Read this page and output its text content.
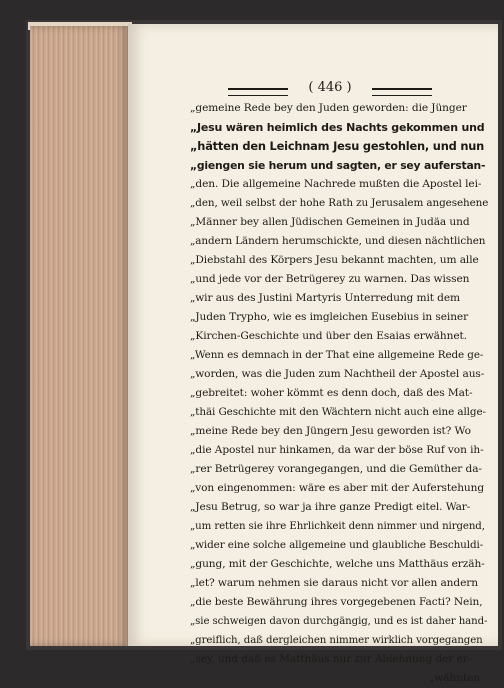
( 446 )
„gemeine Rede bey den Juden geworden: die Jünger
„Jesu wären heimlich des Nachts gekommen und
„hätten den Leichnam Jesu gestohlen, und nun
„giengen sie herum und sagten, er sey auferstan-
„den. Die allgemeine Nachrede mußten die Apostel lei-
„den, weil selbst der hohe Rath zu Jerusalem angesehene
„Männer bey allen Jüdischen Gemeinen in Judäa und
„andern Ländern herumschickte, und diesen nächtlichen
„Diebstahl des Körpers Jesu bekannt machten, um alle
„und jede vor der Betrügerey zu warnen. Das wissen
„wir aus des Justini Martyris Unterredung mit dem
„Juden Trypho, wie es imgleichen Eusebius in seiner
„Kirchen-Geschichte und über den Esaias erwähnet.
„Wenn es demnach in der That eine allgemeine Rede ge-
„worden, was die Juden zum Nachtheil der Apostel aus-
„gebreitet: woher kömmt es denn doch, daß des Mat-
„thäi Geschichte mit den Wächtern nicht auch eine allge-
„meine Rede bey den Jüngern Jesu geworden ist? Wo
„die Apostel nur hinkamen, da war der böse Ruf von ih-
„rer Betrügerey vorangegangen, und die Gemüther da-
„von eingenommen: wäre es aber mit der Auferstehung
„Jesu Betrug, so war ja ihre ganze Predigt eitel. War-
„um retten sie ihre Ehrlichkeit denn nimmer und nirgend,
„wider eine solche allgemeine und glaubliche Beschuldi-
„gung, mit der Geschichte, welche uns Matthäus erzäh-
„let? warum nehmen sie daraus nicht vor allen andern
„die beste Bewährung ihres vorgegebenen Facti? Nein,
„sie schweigen davon durchgängig, und es ist daher hand-
„greiflich, daß dergleichen nimmer wirklich vorgegangen
„sey, und daß es Matthäus nur zur Ablehnung der er-
„wähnten
